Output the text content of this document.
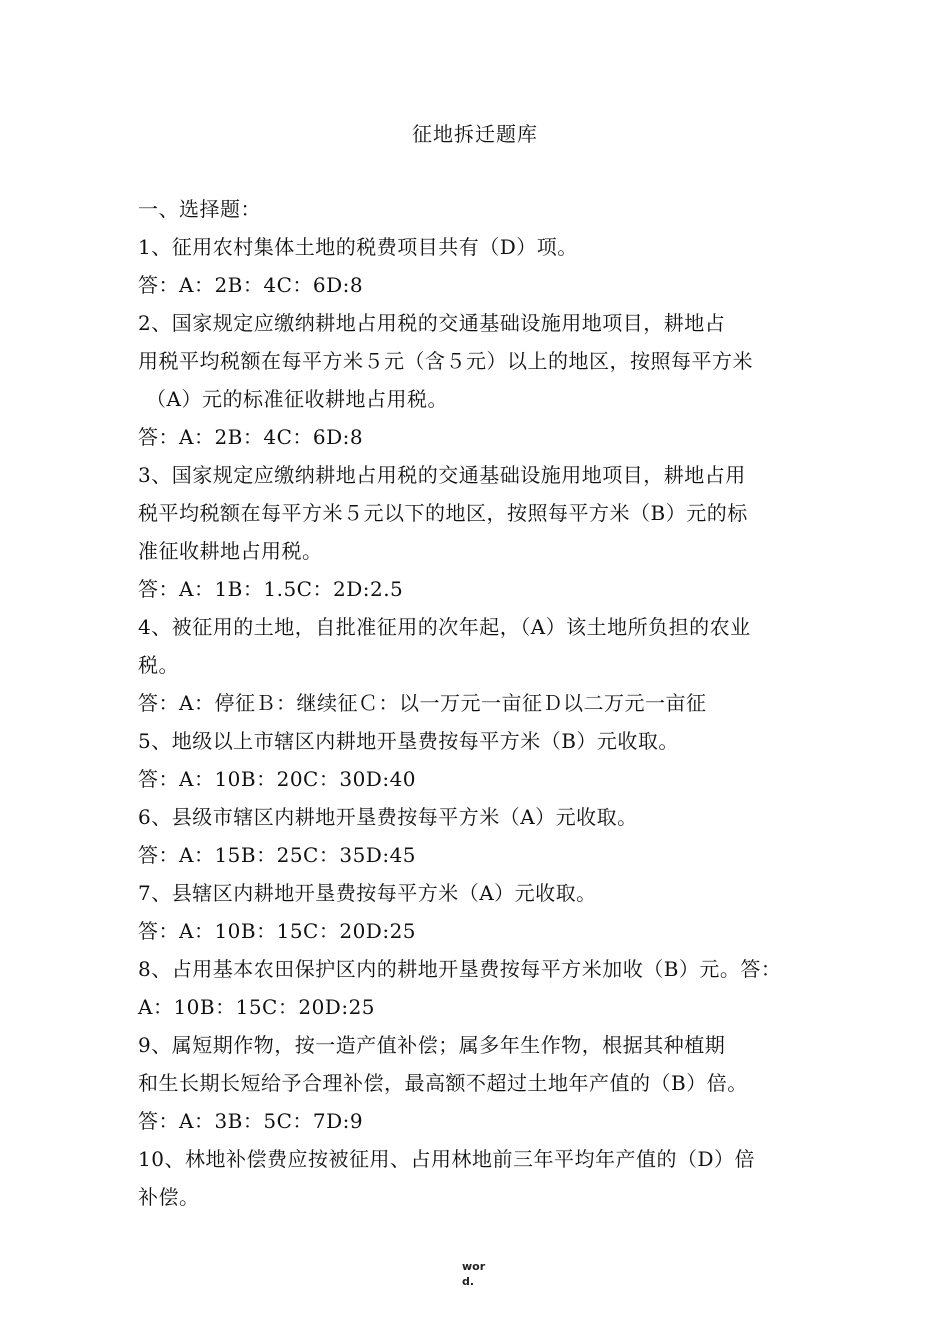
征地拆迁题库
一、选择题：
1、征用农村集体土地的税费项目共有（D）项。
答：A：2B：4C：6D:8
2、国家规定应缴纳耕地占用税的交通基础设施用地项目，耕地占
用税平均税额在每平方米５元（含５元）以上的地区，按照每平方米
（A）元的标准征收耕地占用税。
答：A：2B：4C：6D:8
3、国家规定应缴纳耕地占用税的交通基础设施用地项目，耕地占用
税平均税额在每平方米５元以下的地区，按照每平方米（B）元的标
准征收耕地占用税。
答：A：1B：1.5C：2D:2.5
4、被征用的土地，自批准征用的次年起，（A）该土地所负担的农业
税。
答：A：停征Ｂ：继续征Ｃ：以一万元一亩征Ｄ以二万元一亩征
5、地级以上市辖区内耕地开垦费按每平方米（B）元收取。
答：A：10B：20C：30D:40
6、县级市辖区内耕地开垦费按每平方米（A）元收取。
答：A：15B：25C：35D:45
7、县辖区内耕地开垦费按每平方米（A）元收取。
答：A：10B：15C：20D:25
8、占用基本农田保护区内的耕地开垦费按每平方米加收（B）元。答：
A：10B：15C：20D:25
9、属短期作物，按一造产值补偿；属多年生作物，根据其种植期
和生长期长短给予合理补偿，最高额不超过土地年产值的（B）倍。
答：A：3B：5C：7D:9
10、林地补偿费应按被征用、占用林地前三年平均年产值的（D）倍
补偿。
wor
d.
